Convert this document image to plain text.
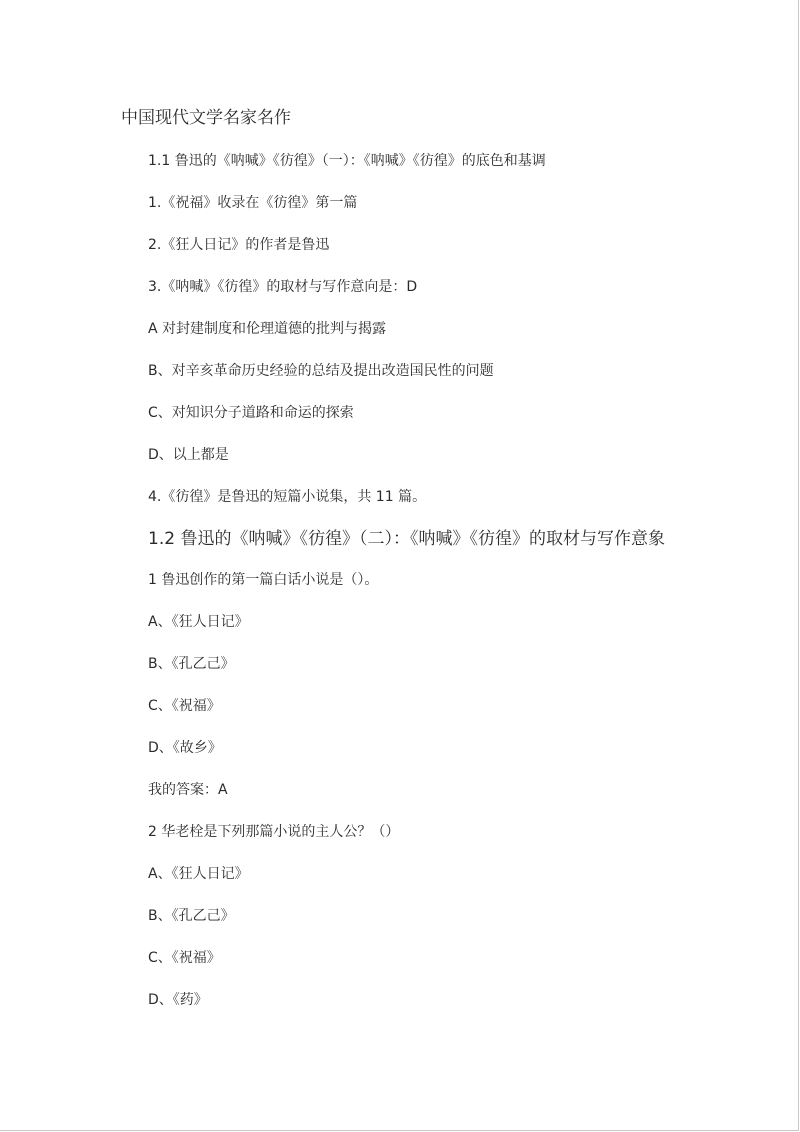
中国现代文学名家名作
1.1 鲁迅的《呐喊》《彷徨》（一）：《呐喊》《彷徨》的底色和基调
1.《祝福》收录在《彷徨》第一篇
2.《狂人日记》的作者是鲁迅
3.《呐喊》《彷徨》的取材与写作意向是：D
A 对封建制度和伦理道德的批判与揭露
B、对辛亥革命历史经验的总结及提出改造国民性的问题
C、对知识分子道路和命运的探索
D、以上都是
4.《彷徨》是鲁迅的短篇小说集，共 11 篇。
1.2 鲁迅的《呐喊》《彷徨》（二）：《呐喊》《彷徨》的取材与写作意象
1 鲁迅创作的第一篇白话小说是（）。
A、《狂人日记》
B、《孔乙己》
C、《祝福》
D、《故乡》
我的答案：A
2 华老栓是下列那篇小说的主人公？（）
A、《狂人日记》
B、《孔乙己》
C、《祝福》
D、《药》
